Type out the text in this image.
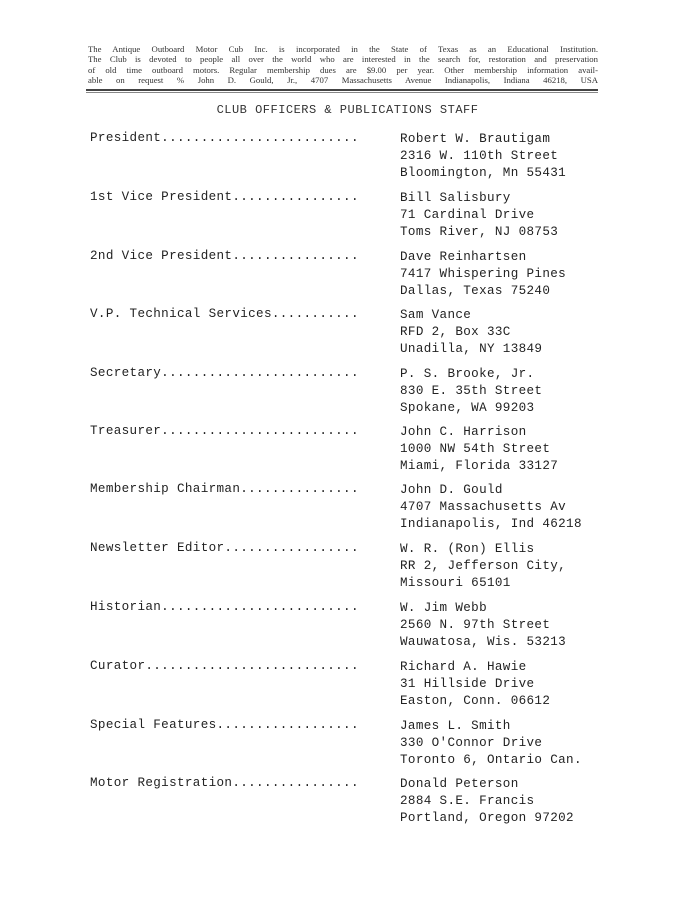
The Antique Outboard Motor Cub Inc. is incorporated in the State of Texas as an Educational Institution.
The Club is devoted to people all over the world who are interested in the search for, restoration and preservation
of old time outboard motors. Regular membership dues are $9.00 per year. Other membership information avail-
able on request % John D. Gould, Jr., 4707 Massachusetts Avenue Indianapolis, Indiana 46218, USA
CLUB OFFICERS & PUBLICATIONS STAFF
President.........................	Robert W. Brautigam
2316 W. 110th Street
Bloomington, Mn 55431
1st Vice President................	Bill Salisbury
71 Cardinal Drive
Toms River, NJ 08753
2nd Vice President................	Dave Reinhartsen
7417 Whispering Pines
Dallas, Texas 75240
V.P. Technical Services...........	Sam Vance
RFD 2, Box 33C
Unadilla, NY 13849
Secretary.........................	P. S. Brooke, Jr.
830 E. 35th Street
Spokane, WA 99203
Treasurer.........................	John C. Harrison
1000 NW 54th Street
Miami, Florida 33127
Membership Chairman...............	John D. Gould
4707 Massachusetts Av
Indianapolis, Ind 46218
Newsletter Editor.................	W. R. (Ron) Ellis
RR 2, Jefferson City,
Missouri 65101
Historian.........................	W. Jim Webb
2560 N. 97th Street
Wauwatosa, Wis. 53213
Curator...........................	Richard A. Hawie
31 Hillside Drive
Easton, Conn. 06612
Special Features..................	James L. Smith
330 O'Connor Drive
Toronto 6, Ontario Can.
Motor Registration................	Donald Peterson
2884 S.E. Francis
Portland, Oregon 97202
